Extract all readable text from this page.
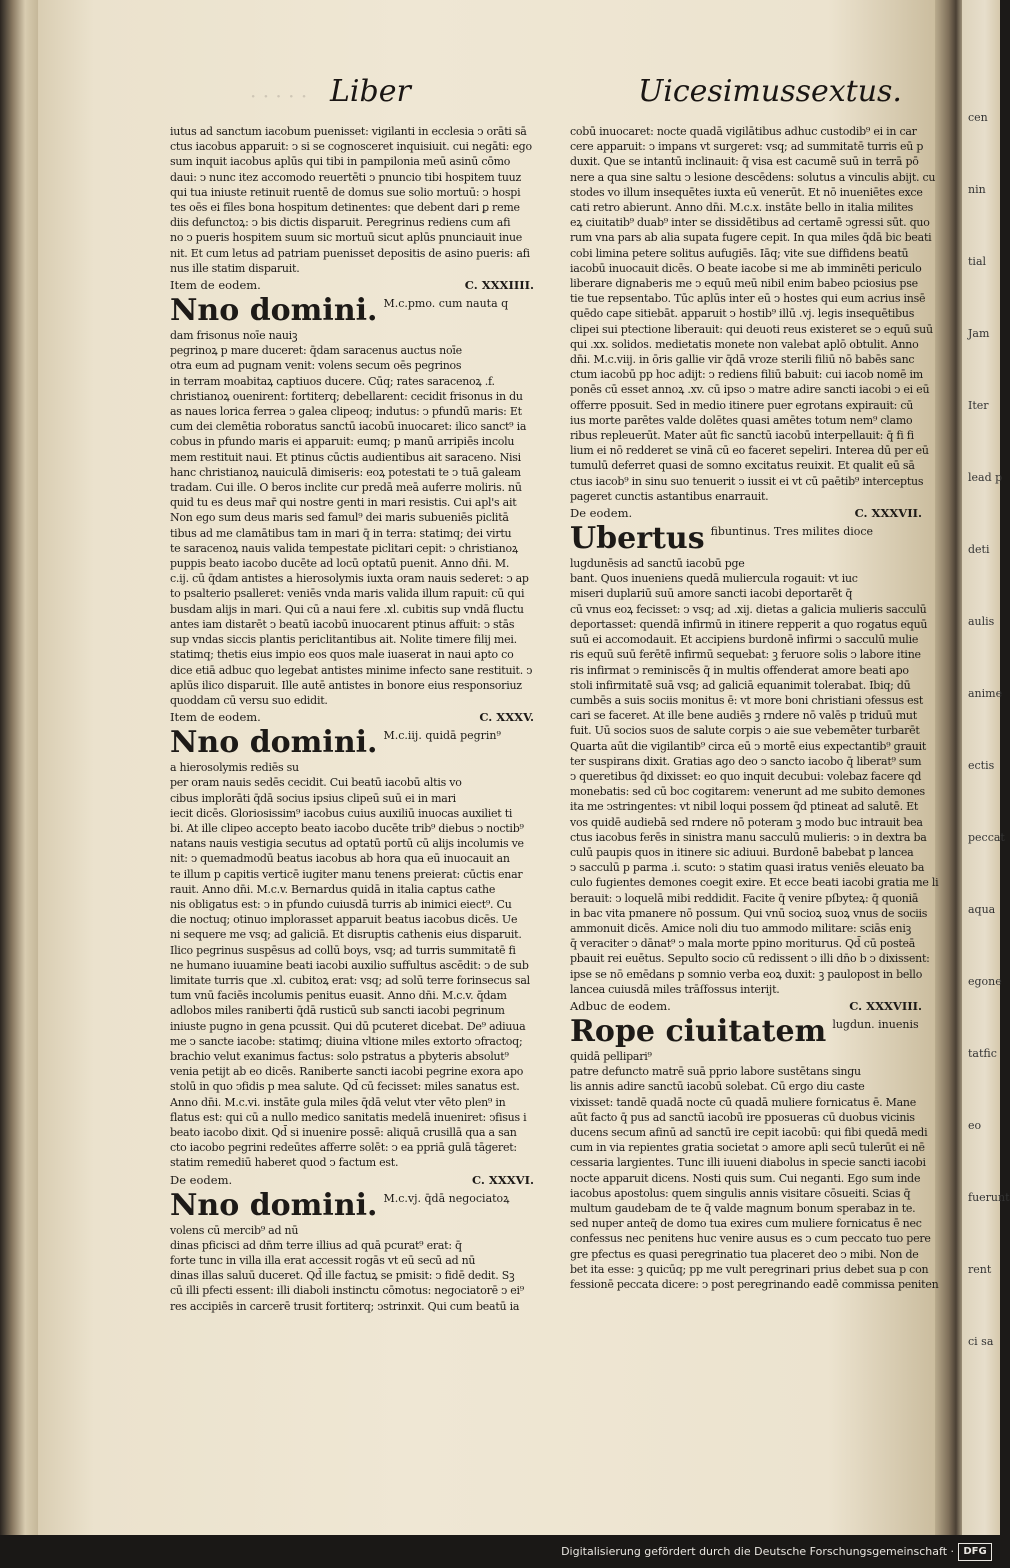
cen
nin
tial
Jam
Iter
lead p
deti
aulis
anime
ectis
peccat
aqua
egone
tatfic
eo
fuerunt
rent
ci sa
· · · · · Liber	Uicesimussextus.
iutus ad sanctum iacobum puenisset: vigilanti in ecclesia ↄ orāti sā
ctus iacobus apparuit: ↄ si se cognosceret inquisiuit. cui negāti: ego
sum inquit iacobus aplūs qui tibi in pampilonia meū asinū cōmo
daui: ↄ nunc itez accomodo reuertēti ↄ pnuncio tibi hospitem tuuz
qui tua iniuste retinuit ruentē de domus sue solio mortuū: ↄ hospi
tes oēs ei fīles bona hospitum detinentes: que debent dari ꝑ reme
diis defunctoꝝ: ↄ bis dictis disparuit. Peregrinus rediens cum afi
no ↄ pueris hospitem suum sic mortuū sicut aplūs pnunciauit inue
nit. Et cum letus ad patriam puenisset depositis de asino pueris: afi
nus ille statim disparuit.
Item de eodem.	C. XXXIIII.
Nno domini. M.c.pmo. cum nauta q
dam frisonus noīe nauiꝫ
pegrinoꝝ p mare duceret: q̄dam saracenus auctus noīe
otra eum ad pugnam venit: volens secum oēs pegrinos
in terram moabitaꝝ captiuos ducere. Cūq; rates saracenoꝝ .f.
christianoꝝ ouenirent: fortiterq; debellarent: cecidit frisonus in du
as naues lorica ferrea ↄ galea clipeoq; indutus: ↄ pfundū maris: Et
cum dei clemētia roboratus sanctū iacobū inuocaret: ilico sanct⁹ ia
cobus in pfundo maris ei apparuit: eumq; p manū arripiēs incolu
mem restituit naui. Et ptinus cūctis audientibus ait saraceno. Nisi
hanc christianoꝝ nauiculā dimiseris: eoꝝ potestati te ↄ tuā galeam
tradam. Cui ille. O beros inclite cur predā meā auferre moliris. nū
quid tu es deus mar̄ qui nostre genti in mari resistis. Cui apl's ait
Non ego sum deus maris sed famul⁹ dei maris subueniēs piclitā
tibus ad me clamātibus tam in mari q̄ in terra: statimq; dei virtu
te saracenoꝝ nauis valida tempestate piclitari cepit: ↄ christianoꝝ
puppis beato iacobo ducēte ad locū optatū puenit. Anno dn̄i. M.
c.ij. cū q̄dam antistes a hierosolymis iuxta oram nauis sederet: ↄ ap
to psalterio psalleret: veniēs vnda maris valida illum rapuit: cū qui
busdam alijs in mari. Qui cū a naui fere .xl. cubitis sup vndā fluctu
antes iam distarēt ↄ beatū iacobū inuocarent ptinus affuit: ↄ stās
sup vndas siccis plantis periclitantibus ait. Nolite timere filij mei.
statimq; thetis eius impio eos quos male iuaserat in naui apto co
dice etiā adbuc quo legebat antistes minime infecto sane restituit. ↄ
aplūs ilico disparuit. Ille autē antistes in bonore eius responsoriuz
quoddam cū versu suo edidit.
Item de eodem.	C. XXXV.
Nno domini. M.c.iij. quidā pegrin⁹
a hierosolymis rediēs su
per oram nauis sedēs cecidit. Cui beatū iacobū altis vo
cibus implorāti q̄dā socius ipsius clipeū suū ei in mari
iecit dicēs. Gloriosissim⁹ iacobus cuius auxiliū inuocas auxiliet ti
bi. At ille clipeo accepto beato iacobo ducēte trib⁹ diebus ↄ noctib⁹
natans nauis vestigia secutus ad optatū portū cū alijs incolumis ve
nit: ↄ quemadmodū beatus iacobus ab hora qua eū inuocauit an
te illum p capitis verticē iugiter manu tenens preierat: cūctis enar
rauit. Anno dn̄i. M.c.v. Bernardus quidā in italia captus cathe
nis obligatus est: ↄ in pfundo cuiusdā turris ab inimici eiect⁹. Cu
die noctuq; otinuo implorasset apparuit beatus iacobus dicēs. Ue
ni sequere me vsq; ad galiciā. Et disruptis cathenis eius disparuit.
Ilico pegrinus suspēsus ad collū boys, vsq; ad turris summitatē fi
ne humano iuuamine beati iacobi auxilio suffultus ascēdit: ↄ de sub
limitate turris que .xl. cubitoꝝ erat: vsq; ad solū terre forinsecus sal
tum vnū faciēs incolumis penitus euasit. Anno dn̄i. M.c.v. q̄dam
adlobos miles raniberti q̄dā rusticū sub sancti iacobi pegrinum
iniuste pugno in gena pcussit. Qui dū pcuteret dicebat. De⁹ adiuua
me ↄ sancte iacobe: statimq; diuina vltione miles extorto ↄfractoq;
brachio velut exanimus factus: solo pstratus a pbyteris absolut⁹
venia petijt ab eo dicēs. Raniberte sancti iacobi pegrine exora apo
stolū in quo ↄfidis p mea salute. Qd̄ cū fecisset: miles sanatus est.
Anno dn̄i. M.c.vi. instāte gula miles q̄dā velut vter vēto plen⁹ in
flatus est: qui cū a nullo medico sanitatis medelā inueniret: ↄfisus i
beato iacobo dixit. Qd̄ si inuenire possē: aliquā crusillā qua a san
cto iacobo pegrini redeūtes afferre solēt: ↄ ea ppriā gulā tāgeret:
statim remediū haberet quod ↄ factum est.
De eodem.	C. XXXVI.
Nno domini. M.c.vj. q̄dā negociatoꝝ
volens cū mercib⁹ ad nū
dinas pficisci ad dn̄m terre illius ad quā pcurat⁹ erat: q̄
forte tunc in villa illa erat accessit rogās vt eū secū ad nū
dinas illas saluū duceret. Qd̄ ille factuꝝ se pmisit: ↄ fidē dedit. Sꝫ
cū illi pfecti essent: illi diaboli instinctu cōmotus: negociatorē ↄ ei⁹
res accipiēs in carcerē trusit fortiterq; ↄstrinxit. Qui cum beatū ia
cobū inuocaret: nocte quadā vigilātibus adhuc custodib⁹ ei in car
cere apparuit: ↄ impans vt surgeret: vsq; ad summitatē turris eū p
duxit. Que se intantū inclinauit: q̄ visa est cacumē suū in terrā pō
nere a qua sine saltu ↄ lesione descēdens: solutus a vinculis abijt. cu
stodes vo illum insequētes iuxta eū venerūt. Et nō inueniētes exce
cati retro abierunt. Anno dn̄i. M.c.x. instāte bello in italia milites
eꝝ ciuitatib⁹ duab⁹ inter se dissidētibus ad certamē ↄgressi sūt. quo
rum vna pars ab alia supata fugere cepit. In qua miles q̄dā bic beati
cobi limina petere solitus aufugiēs. Iāq; vite sue diffidens beatū
iacobū inuocauit dicēs. O beate iacobe si me ab imminēti periculo
liberare dignaberis me ↄ equū meū nibil enim babeo pciosius pse
tie tue repsentabo. Tūc aplūs inter eū ↄ hostes qui eum acrius insē
quēdo cape sitiebāt. apparuit ↄ hostib⁹ illū .vj. legis insequētibus
clipei sui ptectione liberauit: qui deuoti reus existeret se ↄ equū suū
qui .xx. solidos. medietatis monete non valebat aplō obtulit. Anno
dn̄i. M.c.viij. in ōris gallie vir q̄dā vroze sterili filiū nō babēs sanc
ctum iacobū pp hoc adijt: ↄ rediens filiū babuit: cui iacob nomē im
ponēs cū esset annoꝝ .xv. cū ipso ↄ matre adire sancti iacobi ↄ ei eū
offerre pposuit. Sed in medio itinere puer egrotans expirauit: cū
ius morte parētes valde dolētes quasi amētes totum nem⁹ clamo
ribus repleuerūt. Mater aūt fic sanctū iacobū interpellauit: q̄ fi fi
lium ei nō redderet se vinā cū eo faceret sepeliri. Interea dū per eū
tumulū deferret quasi de somno excitatus reuixit. Et qualit eū sā
ctus iacob⁹ in sinu suo tenuerit ↄ iussit ei vt cū paētib⁹ interceptus
pageret cunctis astantibus enarrauit.
De eodem.	C. XXXVII.
Ubertus fibuntinus. Tres milites dioce
lugdunēsis ad sanctū iacobū pge
bant. Quos inueniens quedā muliercula rogauit: vt iuc
miseri duplariū suū amore sancti iacobi deportarēt q̄
cū vnus eoꝝ fecisset: ↄ vsq; ad .xij. dietas a galicia mulieris sacculū
deportasset: quendā infirmū in itinere repperit a quo rogatus equū
suū ei accomodauit. Et accipiens burdonē infirmi ↄ sacculū mulie
ris equū suū ferētē infirmū sequebat: ꝫ feruore solis ↄ labore itine
ris infirmat ↄ reminiscēs q̄ in multis offenderat amore beati apo
stoli infirmitatē suā vsq; ad galiciā equanimit tolerabat. Ibiq; dū
cumbēs a suis sociis monitus ē: vt more boni christiani ↄfessus est
cari se faceret. At ille bene audiēs ꝫ rndere nō valēs p triduū mut
fuit. Uū socios suos de salute corpis ↄ aie sue vebemēter turbarēt
Quarta aūt die vigilantib⁹ circa eū ↄ mortē eius expectantib⁹ grauit
ter suspirans dixit. Gratias ago deo ↄ sancto iacobo q̄ liberat⁹ sum
ↄ queretibus q̄d dixisset: eo quo inquit decubui: volebaz facere qd
monebatis: sed cū boc cogitarem: venerunt ad me subito demones
ita me ↄstringentes: vt nibil loqui possem q̄d ptineat ad salutē. Et
vos quidē audiebā sed rndere nō poteram ꝫ modo buc intrauit bea
ctus iacobus ferēs in sinistra manu sacculū mulieris: ↄ in dextra ba
culū paupis quos in itinere sic adiuui. Burdonē babebat p lancea
ↄ sacculū p parma .i. scuto: ↄ statim quasi iratus veniēs eleuato ba
culo fugientes demones coegit exire. Et ecce beati iacobi gratia me li
berauit: ↄ loquelā mibi reddidit. Facite q̄ venire pſbyteꝝ: q̄ quoniā
in bac vita pmanere nō possum. Qui vnū socioꝝ suoꝝ vnus de sociis
ammonuit dicēs. Amice noli diu tuo ammodo militare: sciās eniꝫ
q̄ veraciter ↄ dānat⁹ ↄ mala morte ppino moriturus. Qd̄ cū posteā
pbauit rei euētus. Sepulto socio cū redissent ↄ illi dn̄o b ↄ dixissent:
ipse se nō emēdans p somnio verba eoꝝ duxit: ꝫ paulopost in bello
lancea cuiusdā miles trāſfossus interijt.
Adbuc de eodem.	C. XXXVIII.
Rope ciuitatem lugdun. inuenis
quidā pellipari⁹
patre defuncto matrē suā pprio labore sustētans singu
lis annis adire sanctū iacobū solebat. Cū ergo diu caste
vixisset: tandē quadā nocte cū quadā muliere fornicatus ē. Mane
aūt facto q̄ pus ad sanctū iacobū ire pposueras cū duobus vicinis
ducens secum afinū ad sanctū ire cepit iacobū: qui fibi quedā medi
cum in via repientes gratia societat ↄ amore apli secū tulerūt ei nē
cessaria largientes. Tunc illi iuueni diabolus in specie sancti iacobi
nocte apparuit dicens. Nosti quis sum. Cui neganti. Ego sum inde
iacobus apostolus: quem singulis annis visitare cōsueiti. Scias q̄
multum gaudebam de te q̄ valde magnum bonum sperabaz in te.
sed nuper anteq̄ de domo tua exires cum muliere fornicatus ē nec
confessus nec penitens huc venire ausus es ↄ cum peccato tuo pere
gre pfectus es quasi peregrinatio tua placeret deo ↄ mibi. Non de
bet ita esse: ꝫ quicūq; pp me vult peregrinari prius debet sua p con
fessionē peccata dicere: ↄ post peregrinando eadē commissa peniten
Digitalisierung gefördert durch die Deutsche Forschungsgemeinschaft · DFG
